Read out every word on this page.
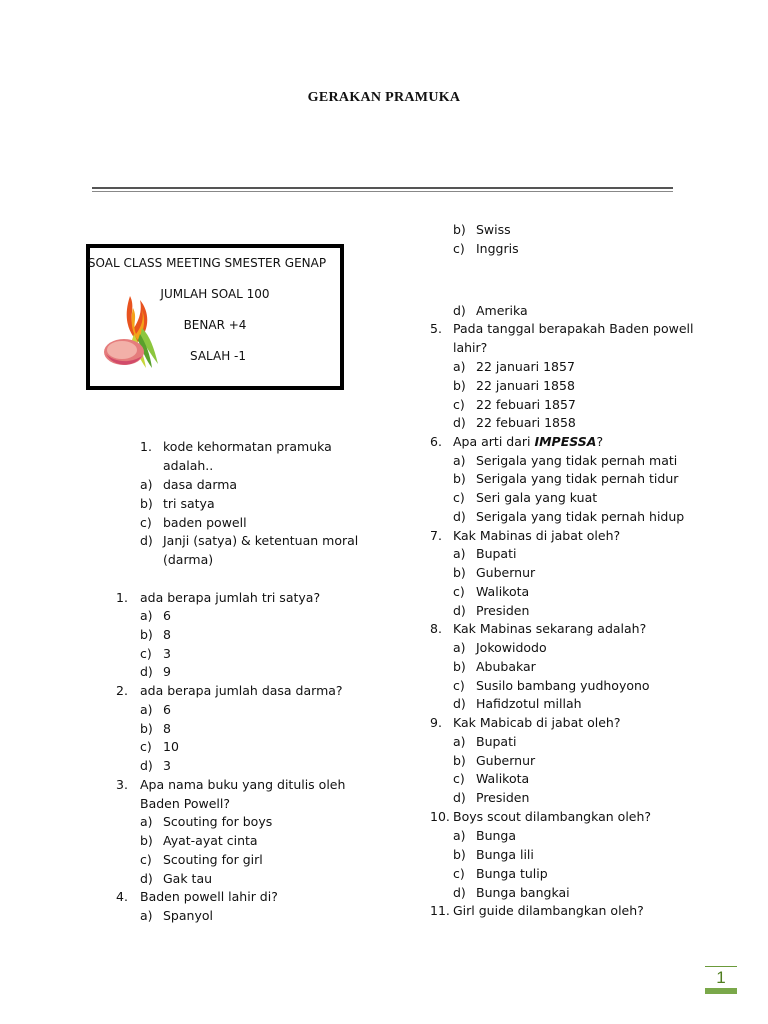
GERAKAN PRAMUKA
SOAL CLASS MEETING SMESTER GENAP
JUMLAH SOAL 100
BENAR +4
SALAH -1
1. kode kehormatan pramuka
adalah..
a) dasa darma
b) tri satya
c) baden powell
d) Janji (satya) & ketentuan moral
(darma)
1. ada berapa jumlah tri satya?
a) 6
b) 8
c) 3
d) 9
2. ada berapa jumlah dasa darma?
a) 6
b) 8
c) 10
d) 3
3. Apa nama buku yang ditulis oleh
Baden Powell?
a) Scouting for boys
b) Ayat-ayat cinta
c) Scouting for girl
d) Gak tau
4. Baden powell lahir di?
a) Spanyol
b) Swiss
c) Inggris
d) Amerika
5. Pada tanggal berapakah Baden powell
lahir?
a) 22 januari 1857
b) 22 januari 1858
c) 22 febuari 1857
d) 22 febuari 1858
6. Apa arti dari IMPESSA?
a) Serigala yang tidak pernah mati
b) Serigala yang tidak pernah tidur
c) Seri gala yang kuat
d) Serigala yang tidak pernah hidup
7. Kak Mabinas di jabat oleh?
a) Bupati
b) Gubernur
c) Walikota
d) Presiden
8. Kak Mabinas sekarang adalah?
a) Jokowidodo
b) Abubakar
c) Susilo bambang yudhoyono
d) Hafidzotul millah
9. Kak Mabicab di jabat oleh?
a) Bupati
b) Gubernur
c) Walikota
d) Presiden
10. Boys scout dilambangkan oleh?
a) Bunga
b) Bunga lili
c) Bunga tulip
d) Bunga bangkai
11. Girl guide dilambangkan oleh?
1
